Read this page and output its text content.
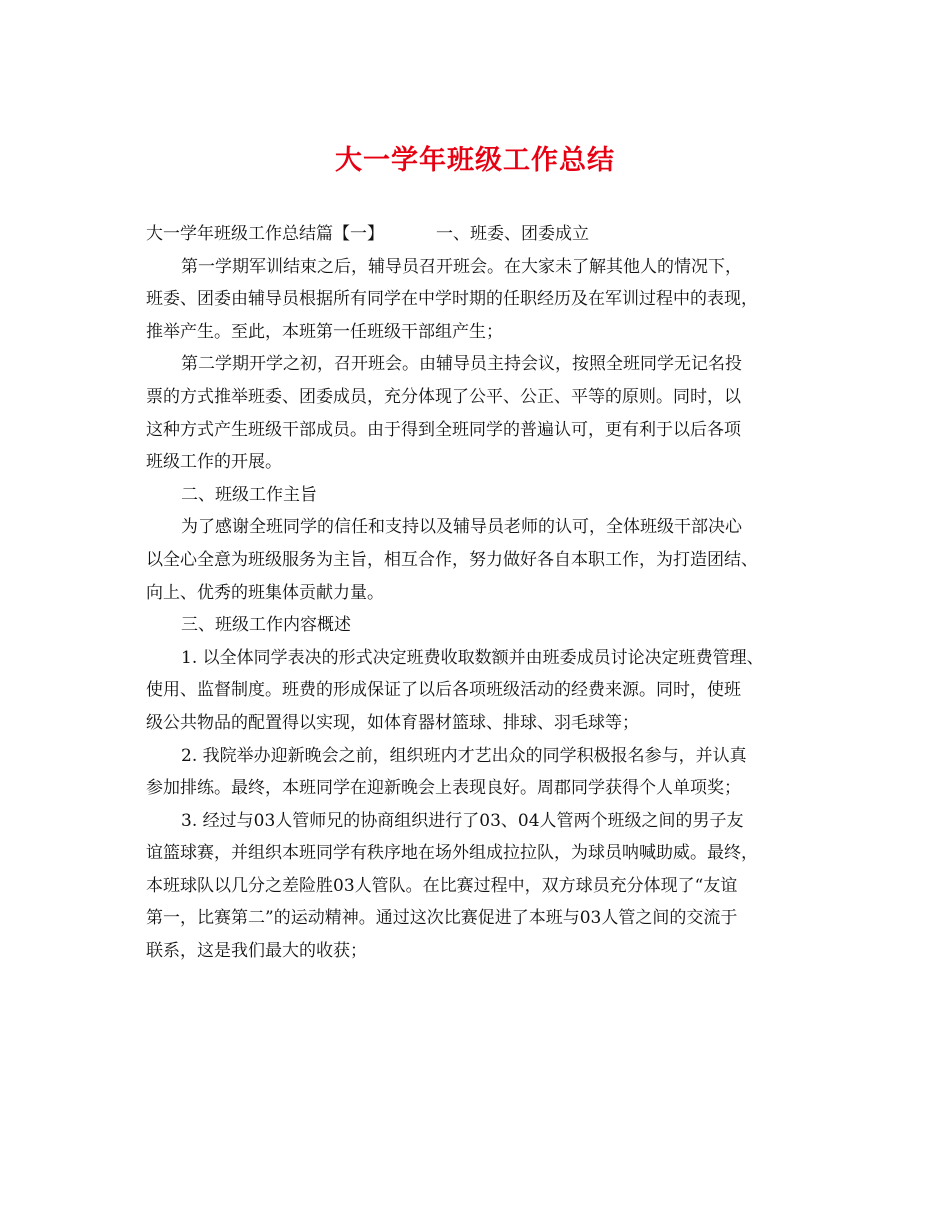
大一学年班级工作总结
大一学年班级工作总结篇【一】	一、班委、团委成立
第一学期军训结束之后，辅导员召开班会。在大家未了解其他人的情况下，
班委、团委由辅导员根据所有同学在中学时期的任职经历及在军训过程中的表现，
推举产生。至此，本班第一任班级干部组产生；
第二学期开学之初，召开班会。由辅导员主持会议，按照全班同学无记名投
票的方式推举班委、团委成员，充分体现了公平、公正、平等的原则。同时，以
这种方式产生班级干部成员。由于得到全班同学的普遍认可，更有利于以后各项
班级工作的开展。
二、班级工作主旨
为了感谢全班同学的信任和支持以及辅导员老师的认可，全体班级干部决心
以全心全意为班级服务为主旨，相互合作，努力做好各自本职工作，为打造团结、
向上、优秀的班集体贡献力量。
三、班级工作内容概述
1. 以全体同学表决的形式决定班费收取数额并由班委成员讨论决定班费管理、
使用、监督制度。班费的形成保证了以后各项班级活动的经费来源。同时，使班
级公共物品的配置得以实现，如体育器材篮球、排球、羽毛球等；
2. 我院举办迎新晚会之前，组织班内才艺出众的同学积极报名参与，并认真
参加排练。最终，本班同学在迎新晚会上表现良好。周郡同学获得个人单项奖；
3. 经过与03人管师兄的协商组织进行了03、04人管两个班级之间的男子友
谊篮球赛，并组织本班同学有秩序地在场外组成拉拉队，为球员呐喊助威。最终，
本班球队以几分之差险胜03人管队。在比赛过程中，双方球员充分体现了“友谊
第一，比赛第二”的运动精神。通过这次比赛促进了本班与03人管之间的交流于
联系，这是我们最大的收获；
